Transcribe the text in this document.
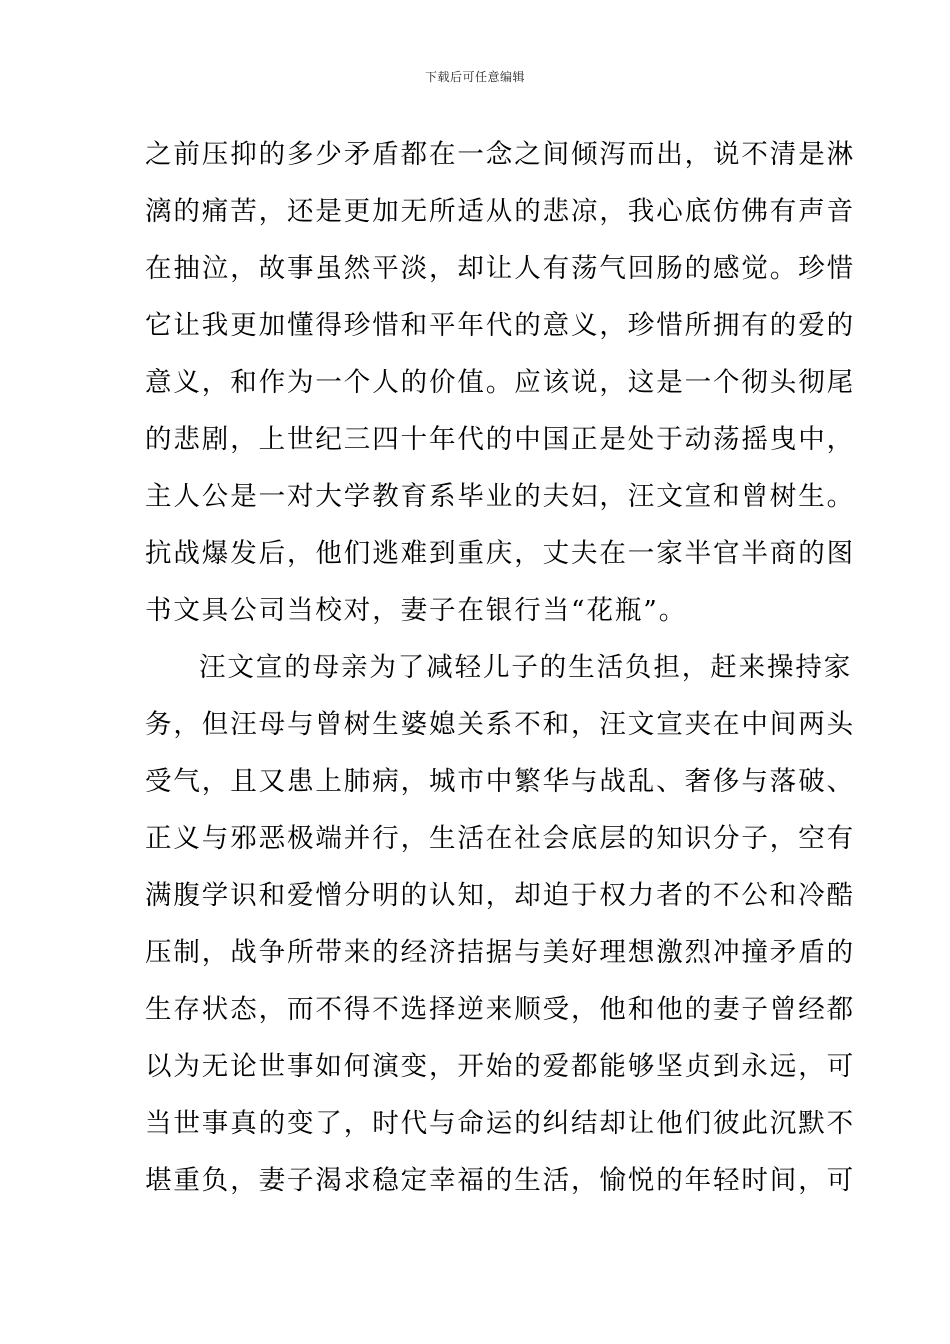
下载后可任意编辑
之前压抑的多少矛盾都在一念之间倾泻而出，说不清是淋
漓的痛苦，还是更加无所适从的悲凉，我心底仿佛有声音
在抽泣，故事虽然平淡，却让人有荡气回肠的感觉。珍惜
它让我更加懂得珍惜和平年代的意义，珍惜所拥有的爱的
意义，和作为一个人的价值。应该说，这是一个彻头彻尾
的悲剧，上世纪三四十年代的中国正是处于动荡摇曳中，
主人公是一对大学教育系毕业的夫妇，汪文宣和曾树生。
抗战爆发后，他们逃难到重庆，丈夫在一家半官半商的图
书文具公司当校对，妻子在银行当“花瓶”。
汪文宣的母亲为了减轻儿子的生活负担，赶来操持家
务，但汪母与曾树生婆媳关系不和，汪文宣夹在中间两头
受气，且又患上肺病，城市中繁华与战乱、奢侈与落破、
正义与邪恶极端并行，生活在社会底层的知识分子，空有
满腹学识和爱憎分明的认知，却迫于权力者的不公和冷酷
压制，战争所带来的经济拮据与美好理想激烈冲撞矛盾的
生存状态，而不得不选择逆来顺受，他和他的妻子曾经都
以为无论世事如何演变，开始的爱都能够坚贞到永远，可
当世事真的变了，时代与命运的纠结却让他们彼此沉默不
堪重负，妻子渴求稳定幸福的生活，愉悦的年轻时间，可
